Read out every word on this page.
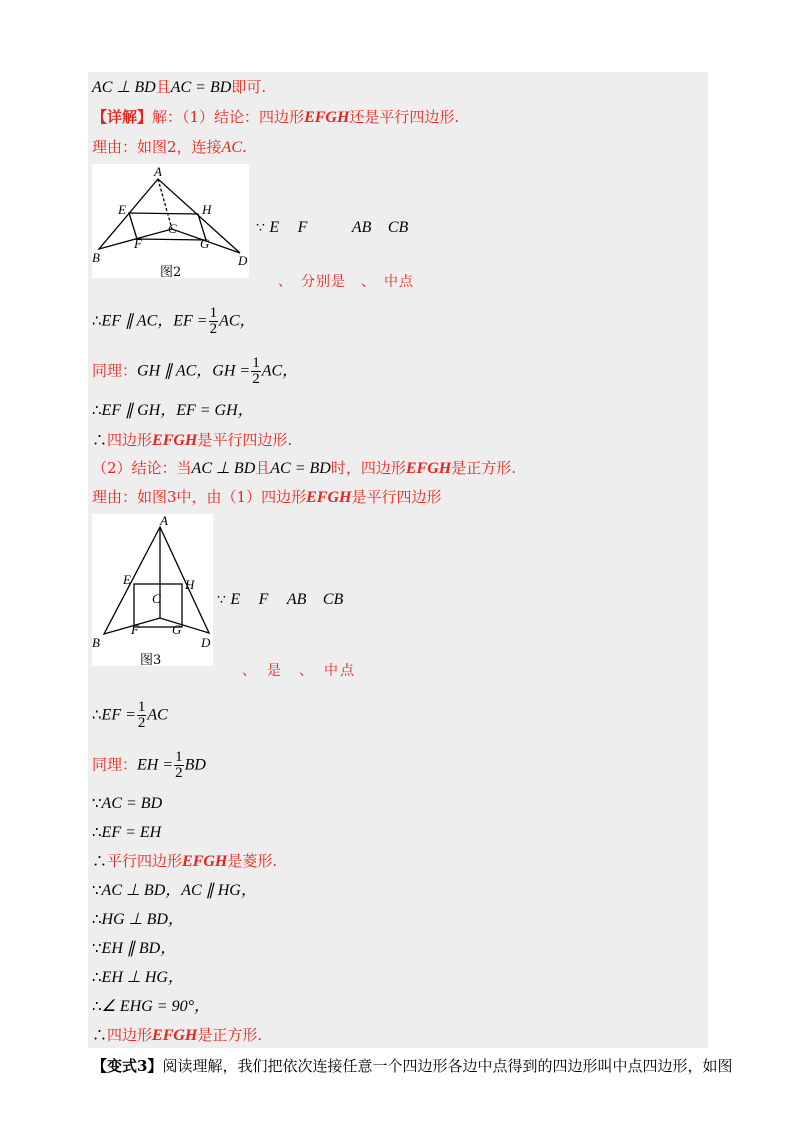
AC ⊥ BD且AC = BD即可.
【详解】解：（1）结论：四边形EFGH还是平行四边形.
理由：如图2，连接AC.
A
E	H
C
F	G
B	D
图2
∵ E F	AB CB
、　分别是　、　中点
∴EF ∥ AC，EF = $\frac{1}{2}$ AC，
同理：GH ∥ AC，GH = $\frac{1}{2}$ AC，
∴EF ∥ GH，EF = GH，
∴四边形EFGH是平行四边形.
（2）结论：当AC ⊥ BD且AC = BD时，四边形EFGH是正方形.
理由：如图3中，由（1）四边形EFGH是平行四边形
A
E	H
C
F	G
B	D
图3
∵ E F AB CB
、　是　、　中点
∴EF = $\frac{1}{2}$ AC
同理：EH = $\frac{1}{2}$ BD
∵AC = BD
∴EF = EH
∴平行四边形EFGH是菱形.
∵AC ⊥ BD，AC ∥ HG，
∴HG ⊥ BD，
∵EH ∥ BD，
∴EH ⊥ HG，
∴∠ EHG = 90°，
∴四边形EFGH是正方形.
【变式3】阅读理解，我们把依次连接任意一个四边形各边中点得到的四边形叫中点四边形，如图
